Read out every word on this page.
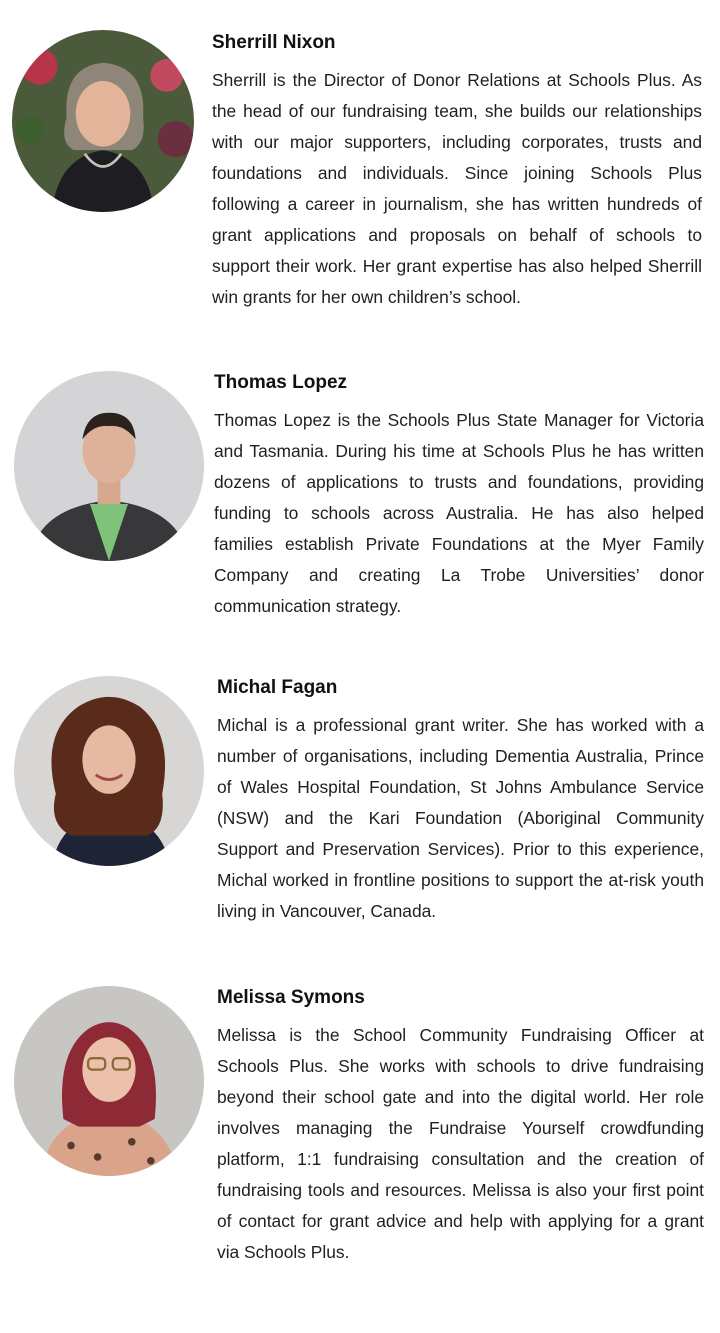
Sherrill Nixon

Sherrill is the Director of Donor Relations at Schools Plus. As the head of our fundraising team, she builds our relationships with our major supporters, including corporates, trusts and foundations and individuals. Since joining Schools Plus following a career in journalism, she has written hundreds of grant applications and proposals on behalf of schools to support their work. Her grant expertise has also helped Sherrill win grants for her own children’s school.

Thomas Lopez

Thomas Lopez is the Schools Plus State Manager for Victoria and Tasmania. During his time at Schools Plus he has written dozens of applications to trusts and foundations, providing funding to schools across Australia. He has also helped families establish Private Foundations at the Myer Family Company and creating La Trobe Universities’ donor communication strategy.

Michal Fagan

Michal is a professional grant writer. She has worked with a number of organisations, including Dementia Australia, Prince of Wales Hospital Foundation, St Johns Ambulance Service (NSW) and the Kari Foundation (Aboriginal Community Support and Preservation Services). Prior to this experience, Michal worked in frontline positions to support the at-risk youth living in Vancouver, Canada.

Melissa Symons

Melissa is the School Community Fundraising Officer at Schools Plus. She works with schools to drive fundraising beyond their school gate and into the digital world. Her role involves managing the Fundraise Yourself crowdfunding platform, 1:1 fundraising consultation and the creation of fundraising tools and resources. Melissa is also your first point of contact for grant advice and help with applying for a grant via Schools Plus.
